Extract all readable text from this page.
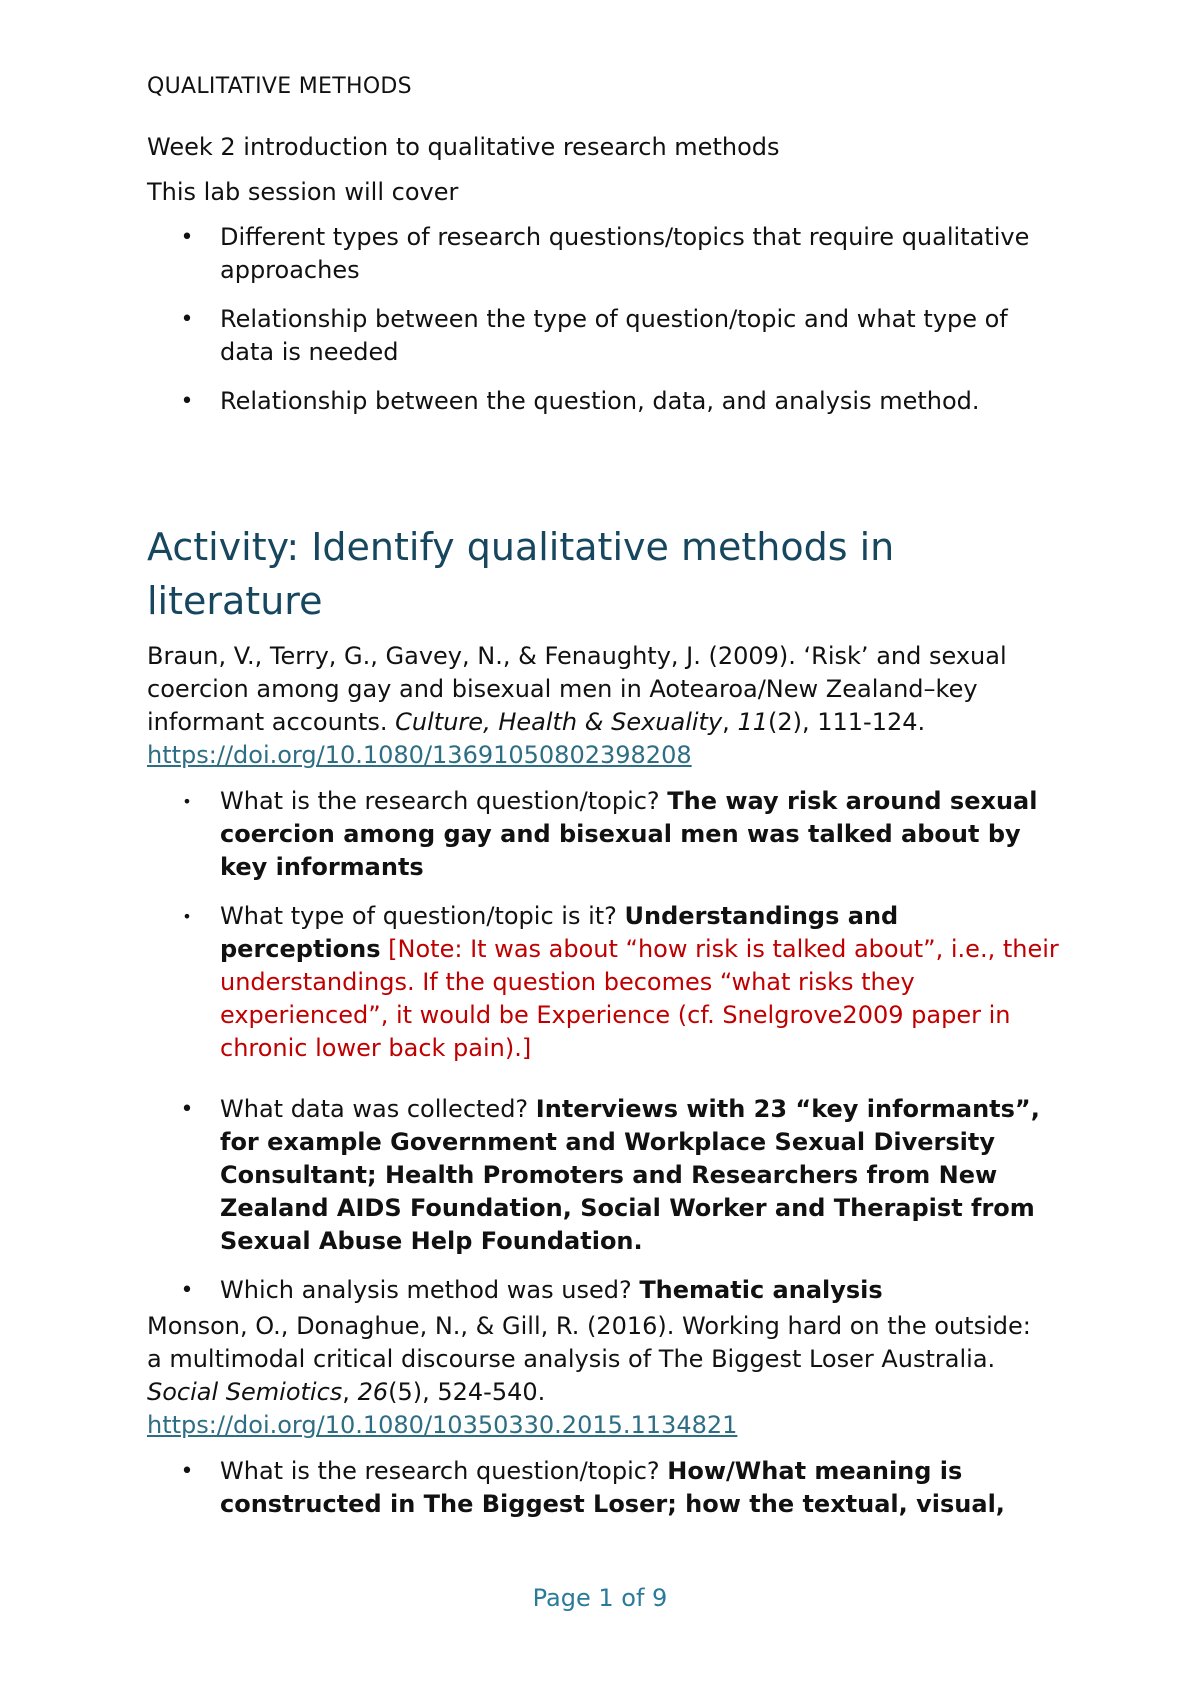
QUALITATIVE METHODS

Week 2 introduction to qualitative research methods

This lab session will cover

• Different types of research questions/topics that require qualitative approaches
• Relationship between the type of question/topic and what type of data is needed
• Relationship between the question, data, and analysis method.
Activity: Identify qualitative methods in literature

Braun, V., Terry, G., Gavey, N., & Fenaughty, J. (2009). ‘Risk’ and sexual coercion among gay and bisexual men in Aotearoa/New Zealand–key informant accounts. Culture, Health & Sexuality, 11(2), 111-124.
https://doi.org/10.1080/13691050802398208

• What is the research question/topic? The way risk around sexual coercion among gay and bisexual men was talked about by key informants
• What type of question/topic is it? Understandings and perceptions [Note: It was about “how risk is talked about”, i.e., their understandings. If the question becomes “what risks they experienced”, it would be Experience (cf. Snelgrove2009 paper in chronic lower back pain).]
• What data was collected? Interviews with 23 “key informants”, for example Government and Workplace Sexual Diversity Consultant; Health Promoters and Researchers from New Zealand AIDS Foundation, Social Worker and Therapist from Sexual Abuse Help Foundation.
• Which analysis method was used? Thematic analysis

Monson, O., Donaghue, N., & Gill, R. (2016). Working hard on the outside: a multimodal critical discourse analysis of The Biggest Loser Australia. Social Semiotics, 26(5), 524-540.
https://doi.org/10.1080/10350330.2015.1134821

• What is the research question/topic? How/What meaning is constructed in The Biggest Loser; how the textual, visual,
Page 1 of 9
